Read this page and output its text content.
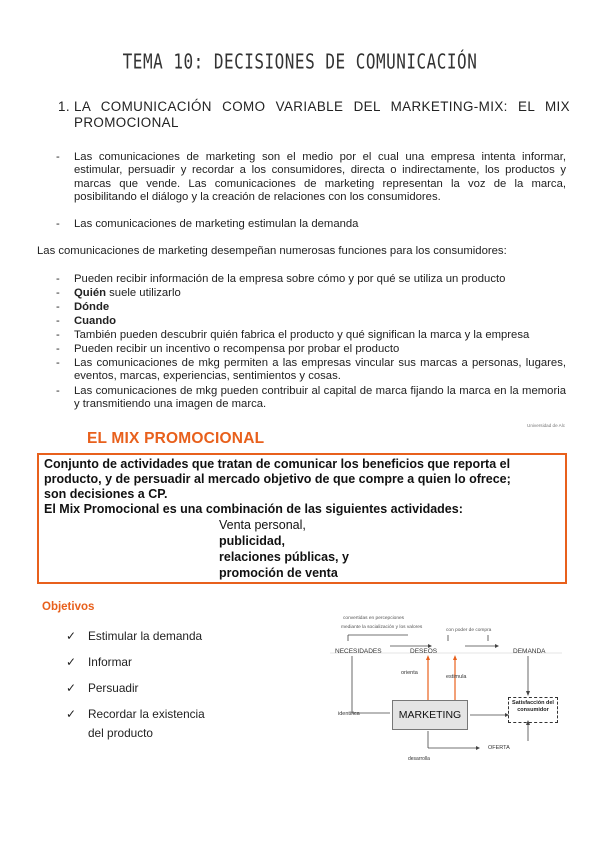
TEMA 10: DECISIONES DE COMUNICACIÓN
1. LA COMUNICACIÓN COMO VARIABLE DEL MARKETING-MIX: EL MIX PROMOCIONAL
- Las comunicaciones de marketing son el medio por el cual una empresa intenta informar, estimular, persuadir y recordar a los consumidores, directa o indirectamente, los productos y marcas que vende. Las comunicaciones de marketing representan la voz de la marca, posibilitando el diálogo y la creación de relaciones con los consumidores.
- Las comunicaciones de marketing estimulan la demanda
Las comunicaciones de marketing desempeñan numerosas funciones para los consumidores:
- Pueden recibir información de la empresa sobre cómo y por qué se utiliza un producto
- Quién suele utilizarlo
- Dónde
- Cuando
- También pueden descubrir quién fabrica el producto y qué significan la marca y la empresa
- Pueden recibir un incentivo o recompensa por probar el producto
- Las comunicaciones de mkg permiten a las empresas vincular sus marcas a personas, lugares, eventos, marcas, experiencias, sentimientos y cosas.
- Las comunicaciones de mkg pueden contribuir al capital de marca fijando la marca en la memoria y transmitiendo una imagen de marca.
Universidad de Alc
EL MIX PROMOCIONAL
Conjunto de actividades que tratan de comunicar los beneficios que reporta el
producto, y de persuadir al mercado objetivo de que compre a quien lo ofrece;
son decisiones a CP.
El Mix Promocional es una combinación de las siguientes actividades:
Venta personal,
publicidad,
relaciones públicas, y
promoción de venta
Objetivos
✓ Estimular la demanda
✓ Informar
✓ Persuadir
✓ Recordar la existencia
del producto
convertidas en percepciones
mediante la socialización y los valores
con poder de compra
NECESIDADES	DESEOS	DEMANDA
orienta
estimula
identifica	MARKETING
Satisfacción del consumidor
OFERTA
desarrolla
